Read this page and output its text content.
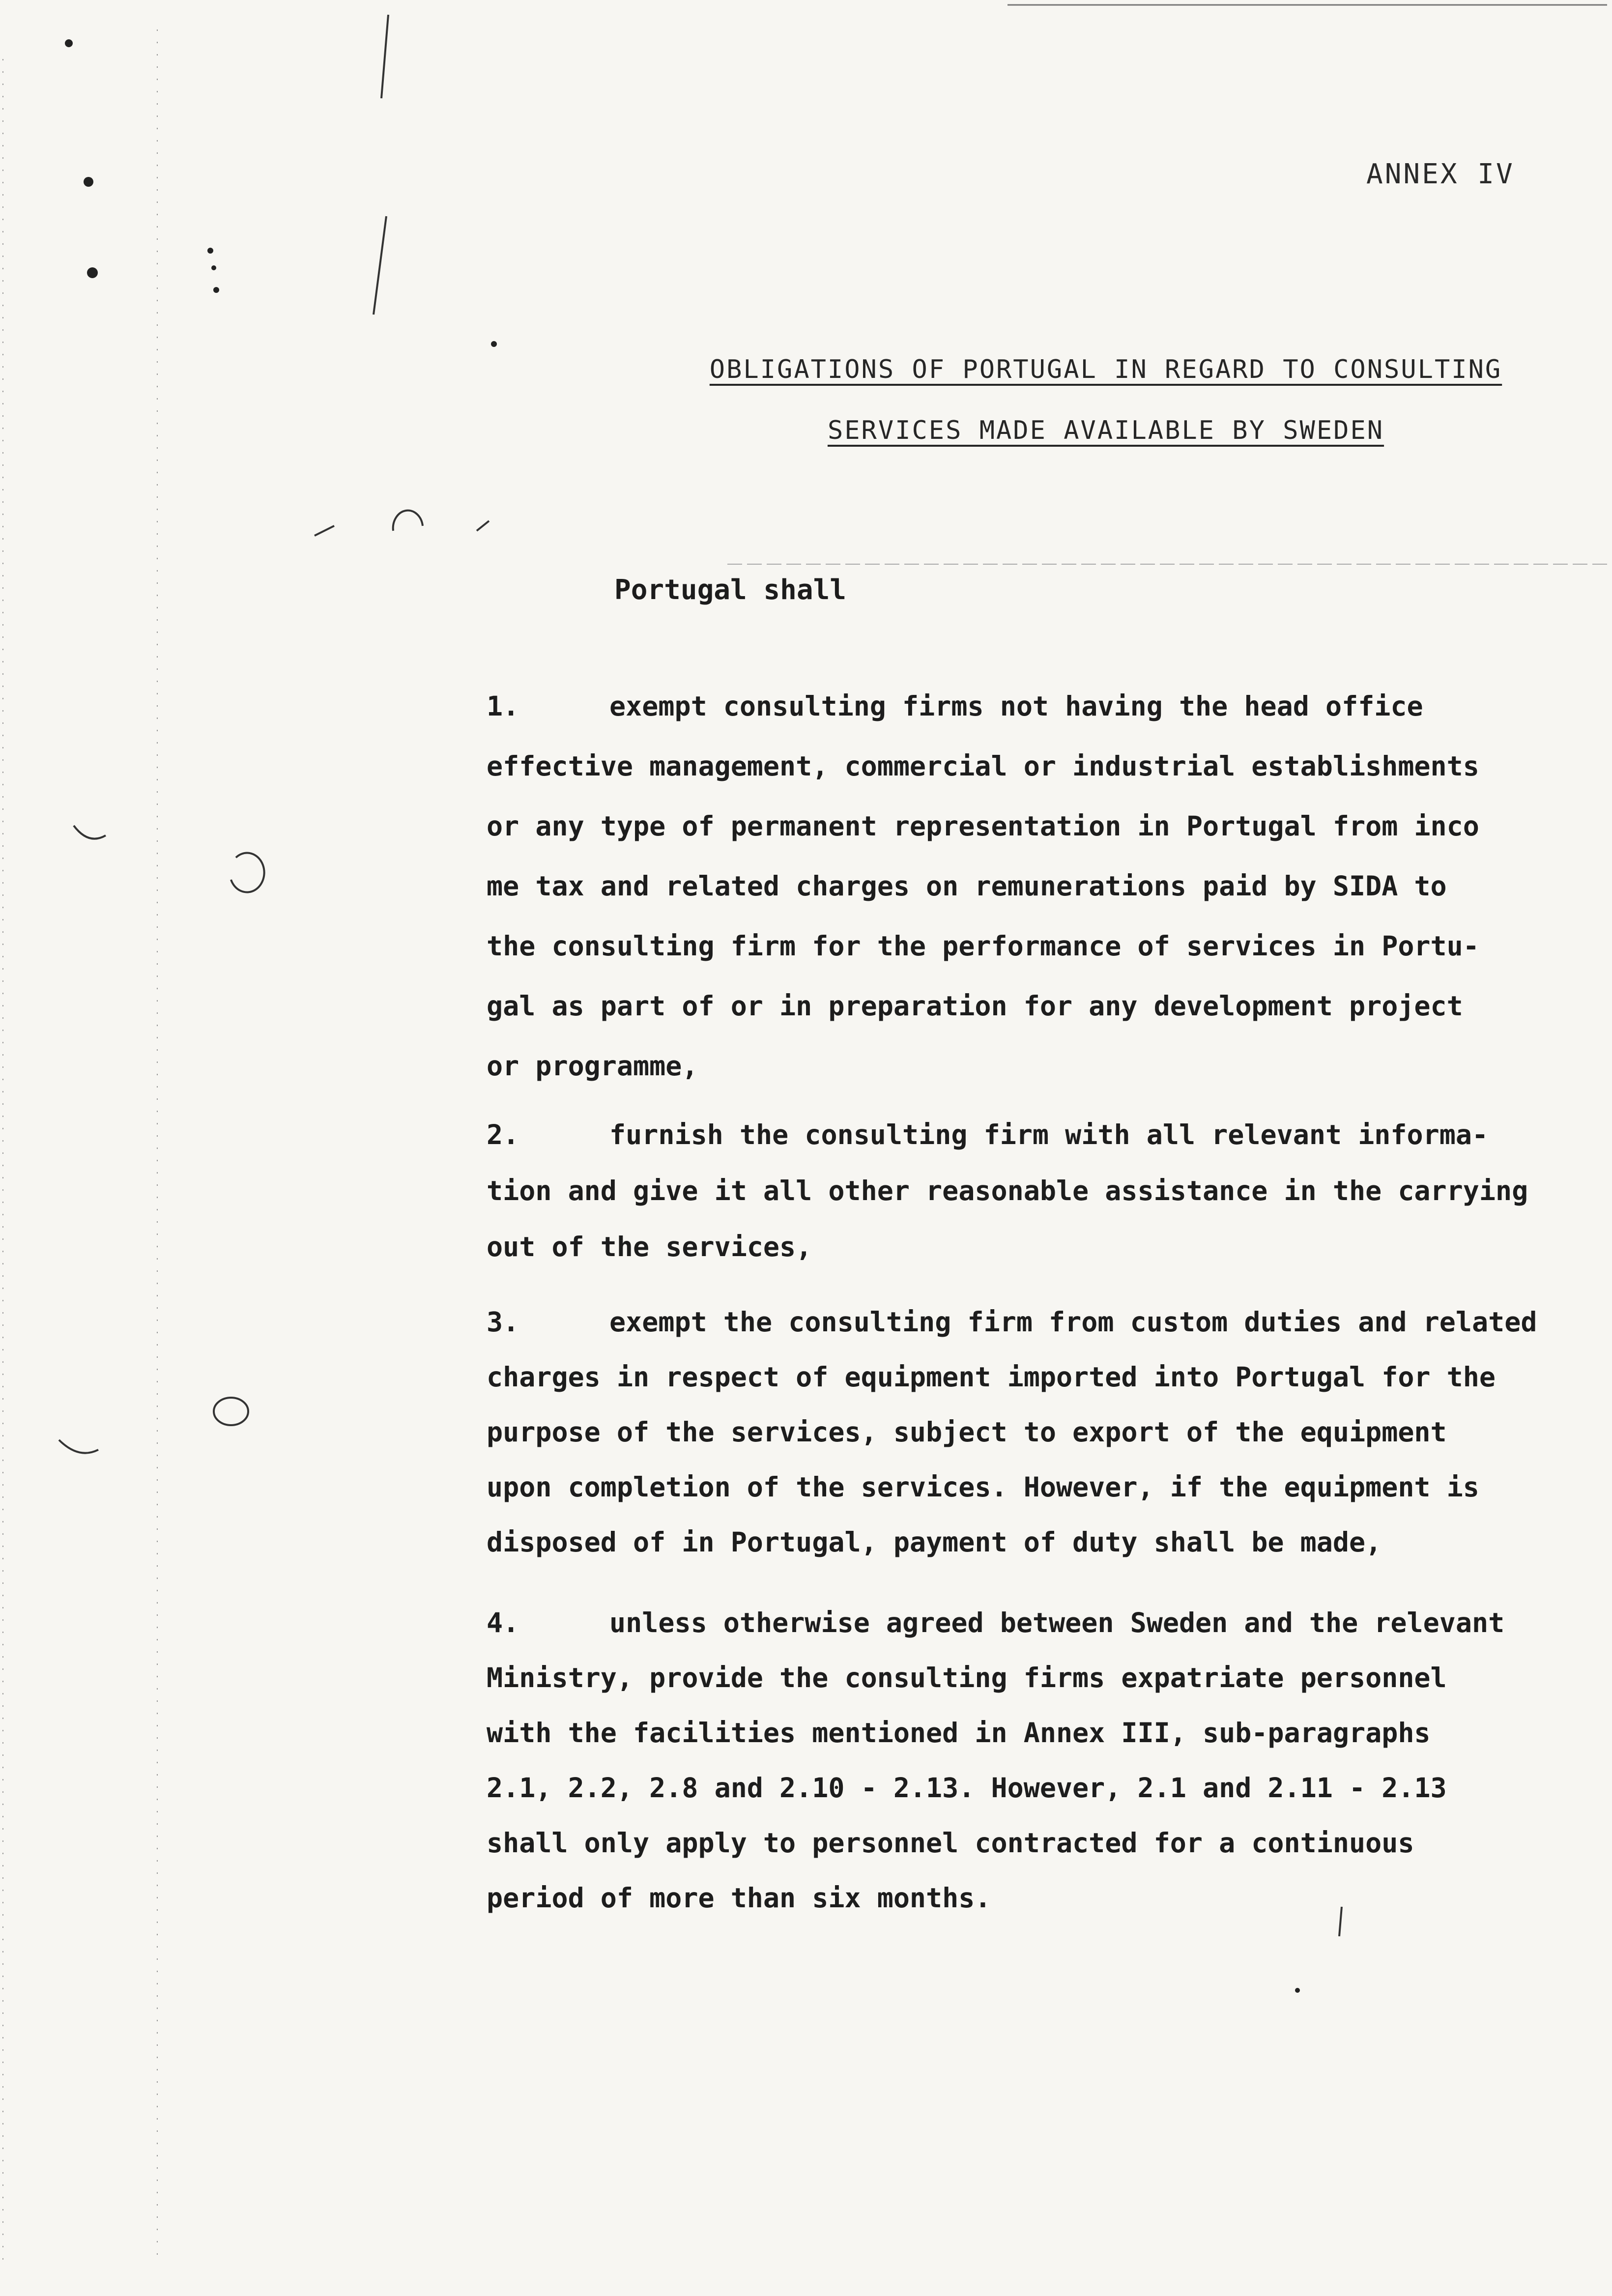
ANNEX IV
OBLIGATIONS OF PORTUGAL IN REGARD TO CONSULTING
SERVICES MADE AVAILABLE BY SWEDEN
Portugal shall
1.	exempt consulting firms not having the head office
effective management, commercial or industrial establishments
or any type of permanent representation in Portugal from inco
me tax and related charges on remunerations paid by SIDA to
the consulting firm for the performance of services in Portu-
gal as part of or in preparation for any development project
or programme,
2.	furnish the consulting firm with all relevant informa-
tion and give it all other reasonable assistance in the carrying
out of the services,
3.	exempt the consulting firm from custom duties and related
charges in respect of equipment imported into Portugal for the
purpose of the services, subject to export of the equipment
upon completion of the services. However, if the equipment is
disposed of in Portugal, payment of duty shall be made,
4.	unless otherwise agreed between Sweden and the relevant
Ministry, provide the consulting firms expatriate personnel
with the facilities mentioned in Annex III, sub-paragraphs
2.1, 2.2, 2.8 and 2.10 - 2.13. However, 2.1 and 2.11 - 2.13
shall only apply to personnel contracted for a continuous
period of more than six months.
